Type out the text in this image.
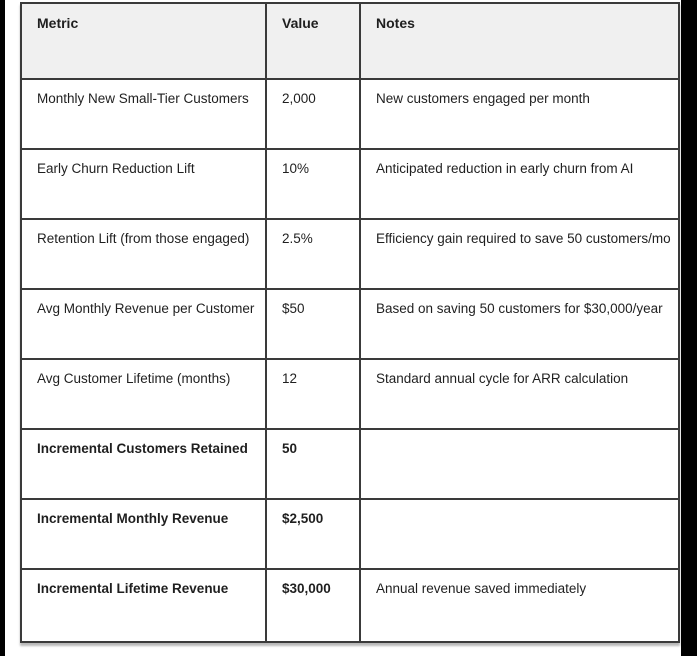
Metric	Value	Notes
Monthly New Small-Tier Customers	2,000	New customers engaged per month
Early Churn Reduction Lift	10%	Anticipated reduction in early churn from AI
Retention Lift (from those engaged)	2.5%	Efficiency gain required to save 50 customers/mo
Avg Monthly Revenue per Customer	$50	Based on saving 50 customers for $30,000/year
Avg Customer Lifetime (months)	12	Standard annual cycle for ARR calculation
Incremental Customers Retained	50	
Incremental Monthly Revenue	$2,500	
Incremental Lifetime Revenue	$30,000	Annual revenue saved immediately
